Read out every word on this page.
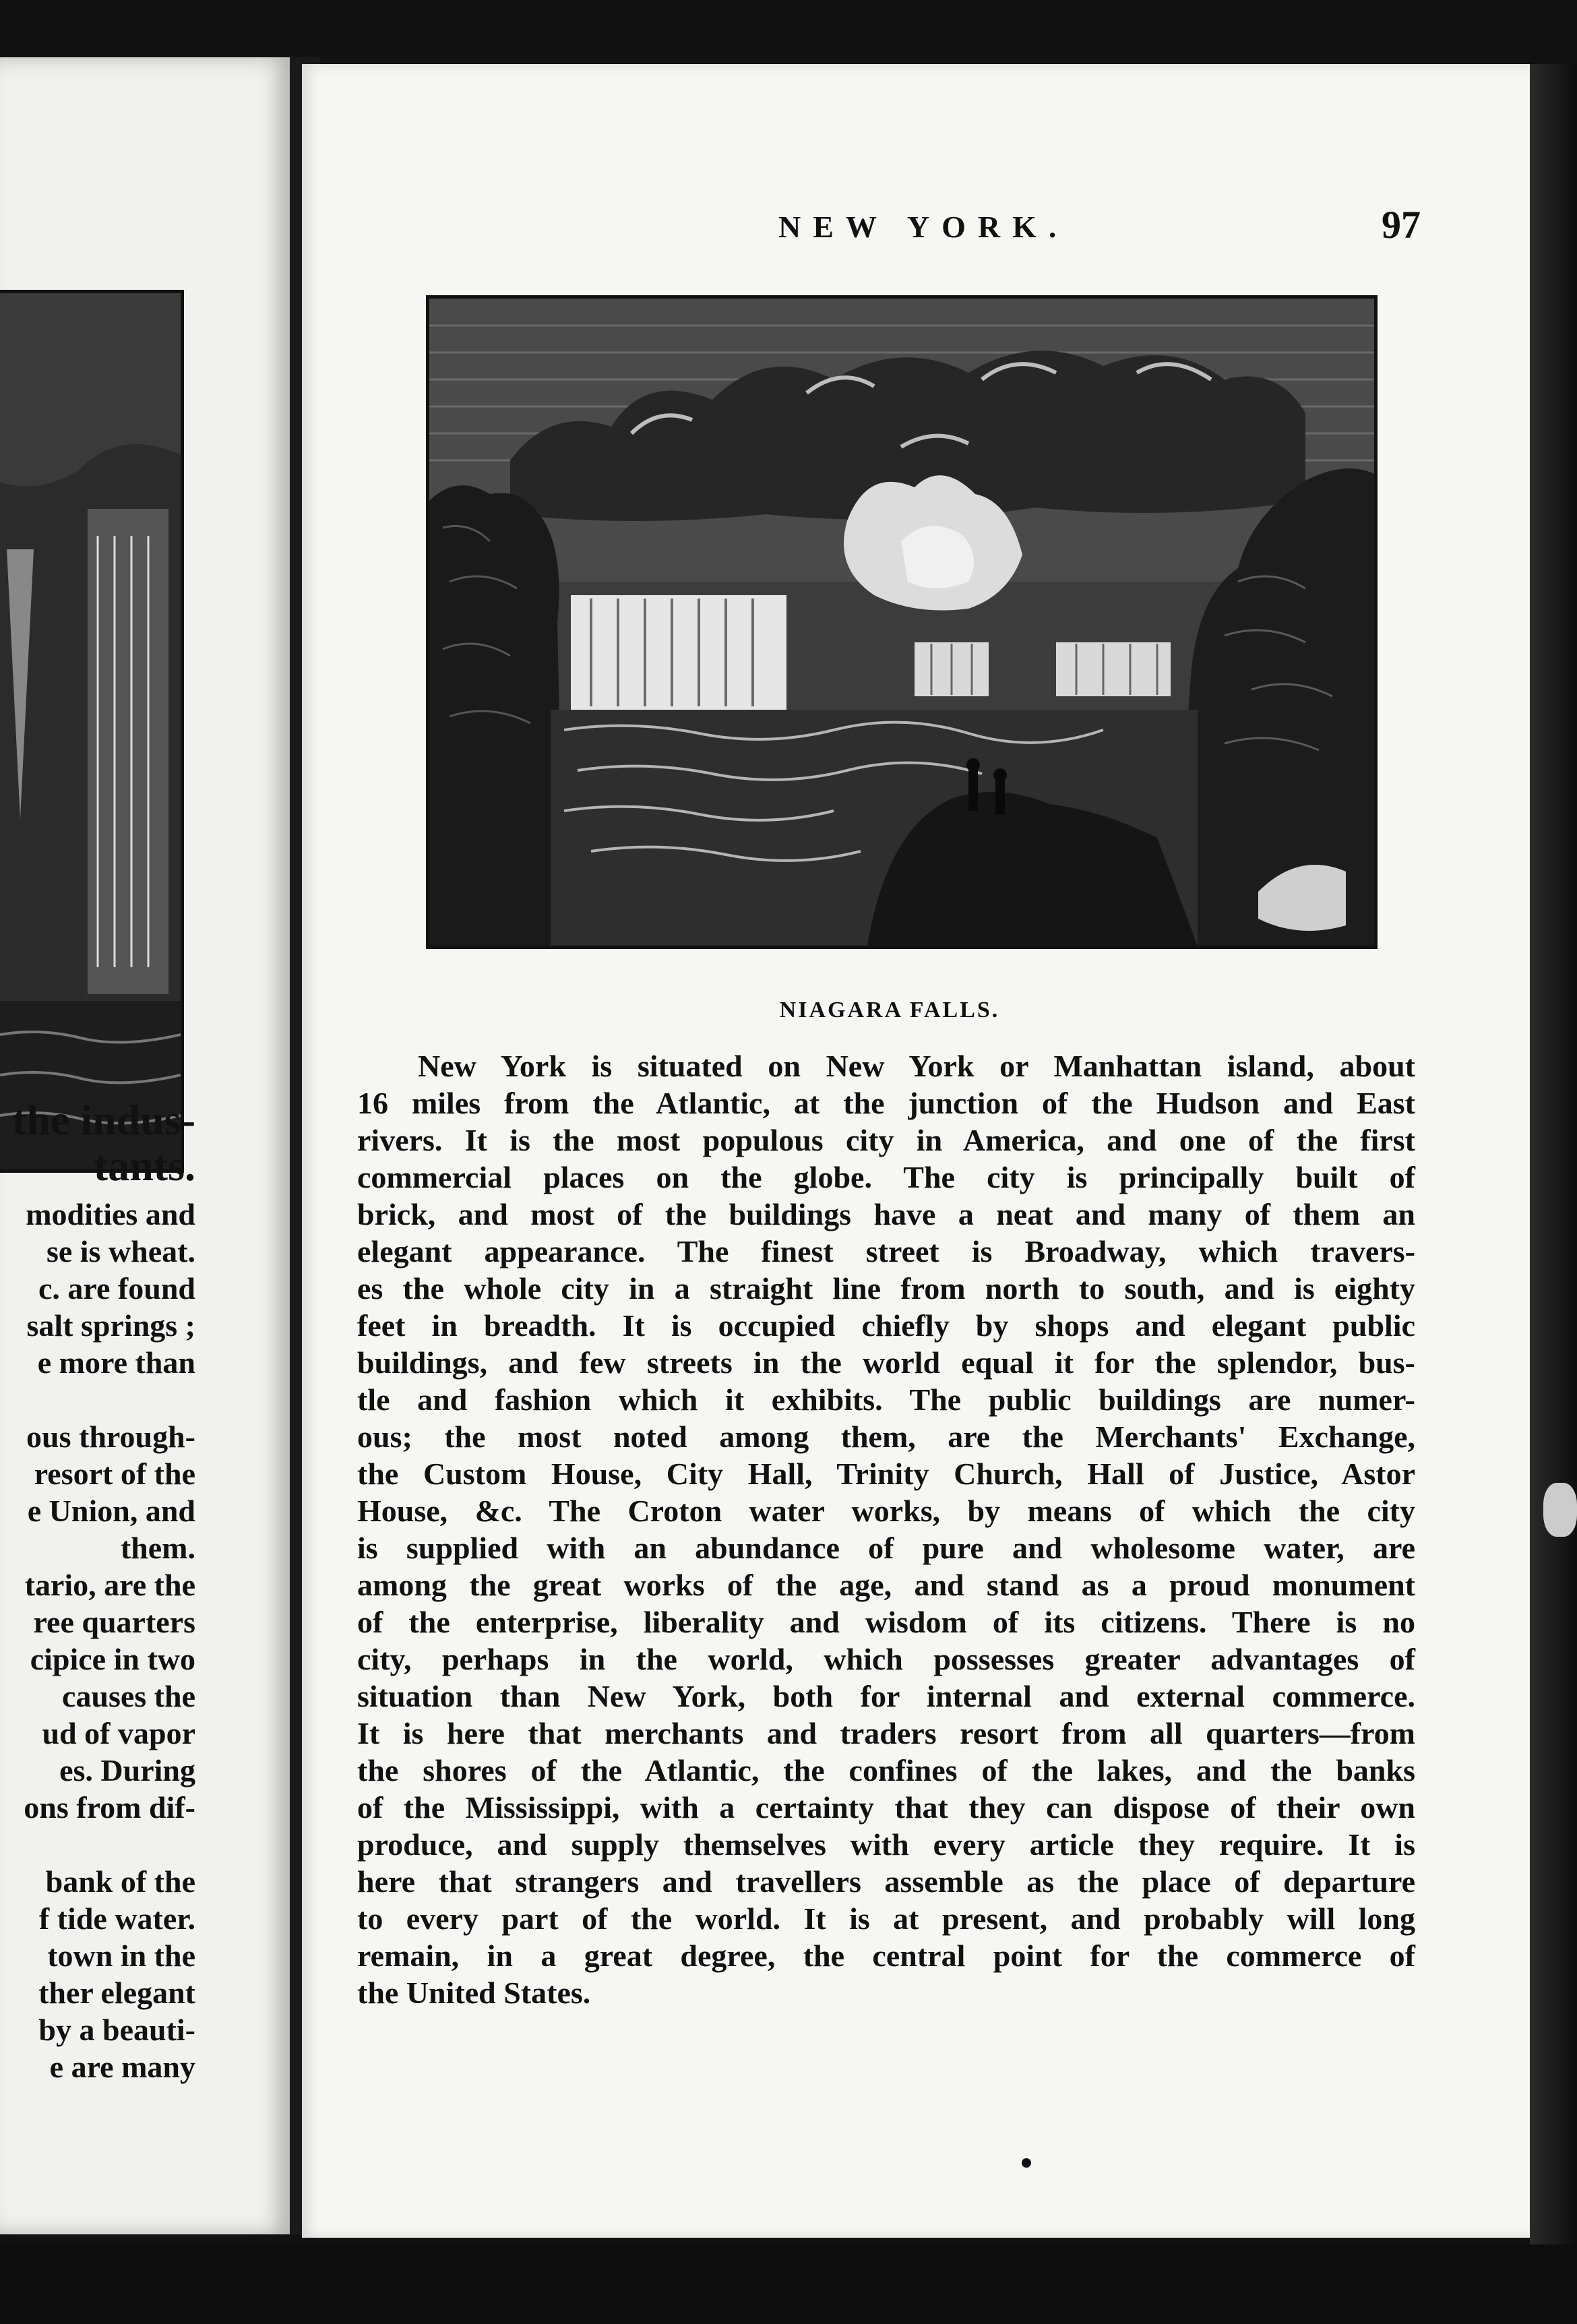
the indus-
tants.
modities and
se is wheat.
c. are found
salt springs ;
e more than
ous through-
resort of the
e Union, and
them.
tario, are the
ree quarters
cipice in two
causes the
ud of vapor
es. During
ons from dif-
bank of the
f tide water.
town in the
ther elegant
by a beauti-
e are many
NEW YORK.	97
NIAGARA FALLS.
New York is situated on New York or Manhattan island, about
16 miles from the Atlantic, at the junction of the Hudson and East
rivers. It is the most populous city in America, and one of the first
commercial places on the globe. The city is principally built of
brick, and most of the buildings have a neat and many of them an
elegant appearance. The finest street is Broadway, which travers-
es the whole city in a straight line from north to south, and is eighty
feet in breadth. It is occupied chiefly by shops and elegant public
buildings, and few streets in the world equal it for the splendor, bus-
tle and fashion which it exhibits. The public buildings are numer-
ous; the most noted among them, are the Merchants' Exchange,
the Custom House, City Hall, Trinity Church, Hall of Justice, Astor
House, &c. The Croton water works, by means of which the city
is supplied with an abundance of pure and wholesome water, are
among the great works of the age, and stand as a proud monument
of the enterprise, liberality and wisdom of its citizens. There is no
city, perhaps in the world, which possesses greater advantages of
situation than New York, both for internal and external commerce.
It is here that merchants and traders resort from all quarters—from
the shores of the Atlantic, the confines of the lakes, and the banks
of the Mississippi, with a certainty that they can dispose of their own
produce, and supply themselves with every article they require. It is
here that strangers and travellers assemble as the place of departure
to every part of the world. It is at present, and probably will long
remain, in a great degree, the central point for the commerce of
the United States.
